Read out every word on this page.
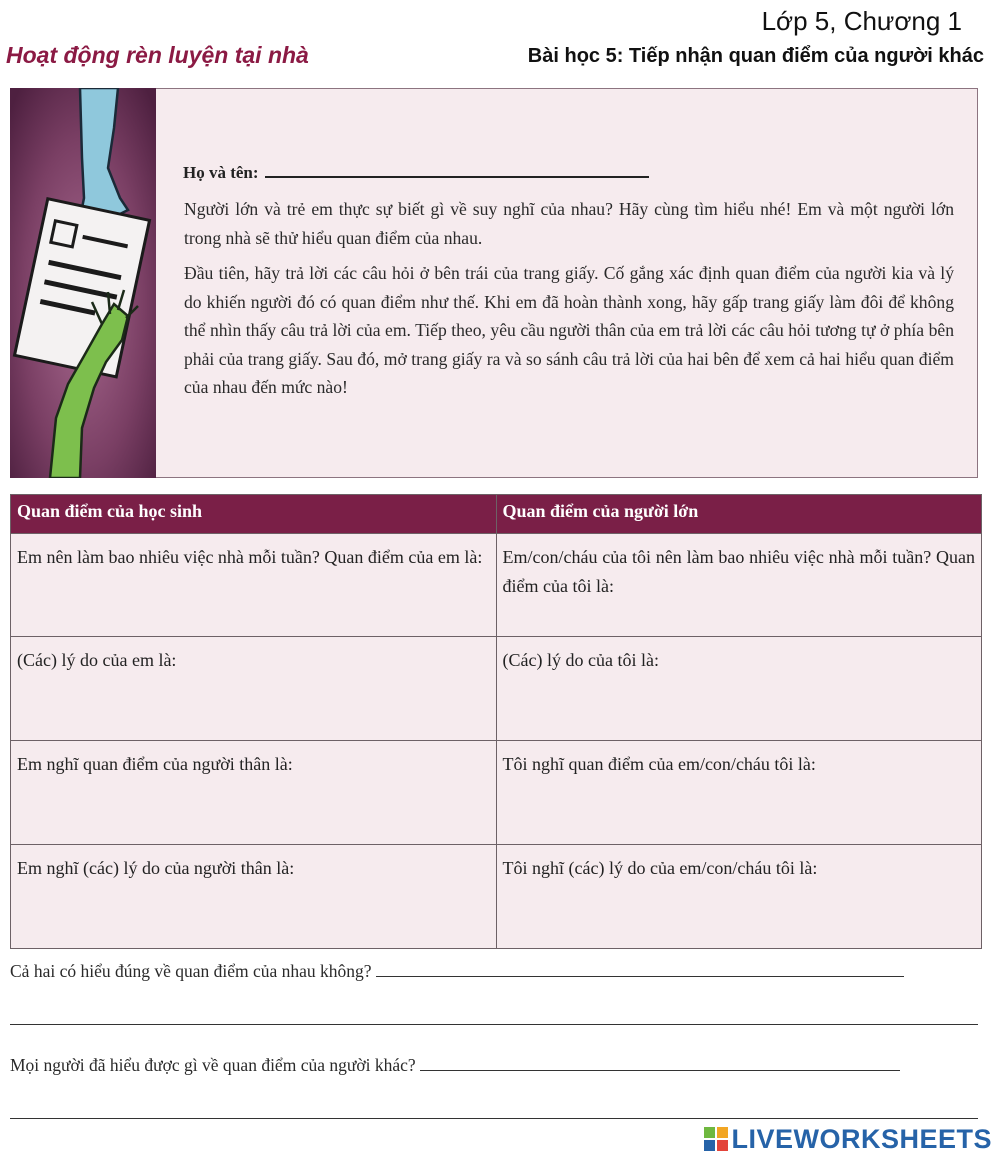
Lớp 5, Chương 1
Hoạt động rèn luyện tại nhà	Bài học 5: Tiếp nhận quan điểm của người khác
Họ và tên:
Người lớn và trẻ em thực sự biết gì về suy nghĩ của nhau? Hãy cùng tìm hiểu nhé! Em và một người lớn trong nhà sẽ thử hiểu quan điểm của nhau.
Đầu tiên, hãy trả lời các câu hỏi ở bên trái của trang giấy. Cố gắng xác định quan điểm của người kia và lý do khiến người đó có quan điểm như thế. Khi em đã hoàn thành xong, hãy gấp trang giấy làm đôi để không thể nhìn thấy câu trả lời của em. Tiếp theo, yêu cầu người thân của em trả lời các câu hỏi tương tự ở phía bên phải của trang giấy. Sau đó, mở trang giấy ra và so sánh câu trả lời của hai bên để xem cả hai hiểu quan điểm của nhau đến mức nào!
Quan điểm của học sinh	Quan điểm của người lớn
Em nên làm bao nhiêu việc nhà mỗi tuần? Quan điểm của em là:	Em/con/cháu của tôi nên làm bao nhiêu việc nhà mỗi tuần? Quan điểm của tôi là:
(Các) lý do của em là:	(Các) lý do của tôi là:
Em nghĩ quan điểm của người thân là:	Tôi nghĩ quan điểm của em/con/cháu tôi là:
Em nghĩ (các) lý do của người thân là:	Tôi nghĩ (các) lý do của em/con/cháu tôi là:
Cả hai có hiểu đúng về quan điểm của nhau không?
Mọi người đã hiểu được gì về quan điểm của người khác?
LIVEWORKSHEETS
